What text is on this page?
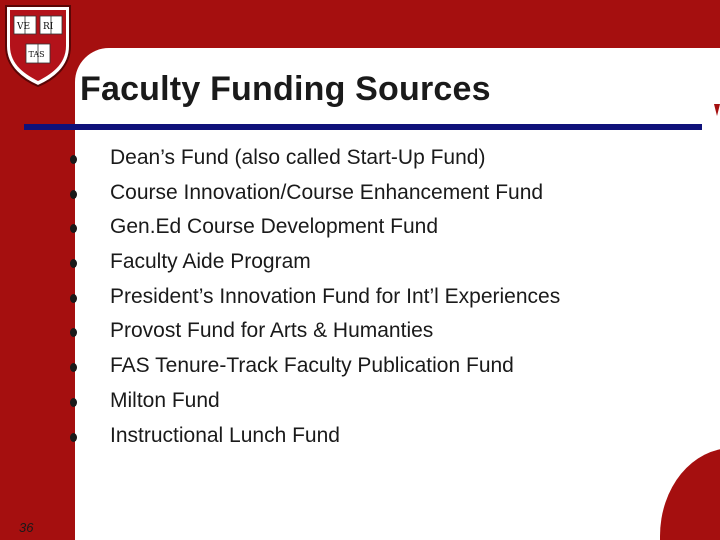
VE RI
TAS
Faculty Funding Sources
Dean’s Fund (also called Start-Up Fund)
Course Innovation/Course Enhancement Fund
Gen.Ed Course Development Fund
Faculty Aide Program
President’s Innovation Fund for Int’l Experiences
Provost Fund for Arts & Humanties
FAS Tenure-Track Faculty Publication Fund
Milton Fund
Instructional Lunch Fund
36
